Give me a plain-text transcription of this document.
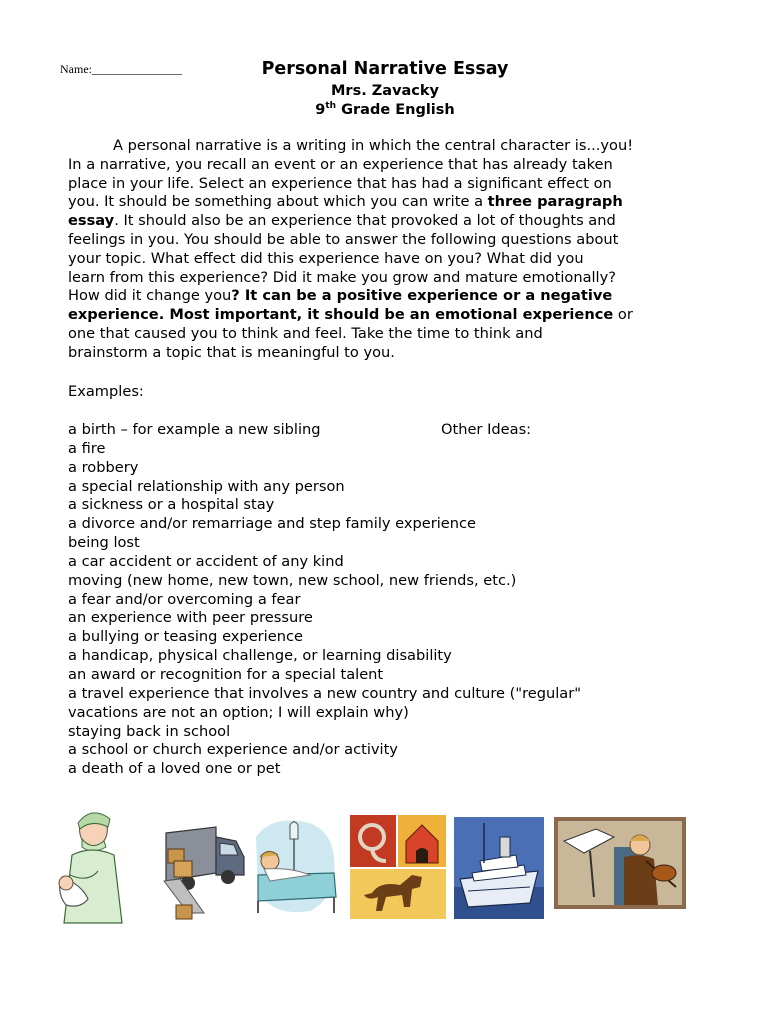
Name:_______________	Personal Narrative Essay

Mrs. Zavacky

9th Grade English

A personal narrative is a writing in which the central character is...you!

In a narrative, you recall an event or an experience that has already taken

place in your life. Select an experience that has had a significant effect on

you. It should be something about which you can write a three paragraph

essay. It should also be an experience that provoked a lot of thoughts and

feelings in you. You should be able to answer the following questions about

your topic. What effect did this experience have on you? What did you

learn from this experience? Did it make you grow and mature emotionally?

How did it change you? It can be a positive experience or a negative

experience. Most important, it should be an emotional experience or

one that caused you to think and feel. Take the time to think and

brainstorm a topic that is meaningful to you.

Examples:
a birth – for example a new sibling
a fire
a robbery
a special relationship with any person
a sickness or a hospital stay
a divorce and/or remarriage and step family experience
being lost
a car accident or accident of any kind
moving (new home, new town, new school, new friends, etc.)
a fear and/or overcoming a fear
an experience with peer pressure
a bullying or teasing experience
a handicap, physical challenge, or learning disability
an award or recognition for a special talent
a travel experience that involves a new country and culture ("regular"
vacations are not an option; I will explain why)
staying back in school
a school or church experience and/or activity
a death of a loved one or pet
Other Ideas:
